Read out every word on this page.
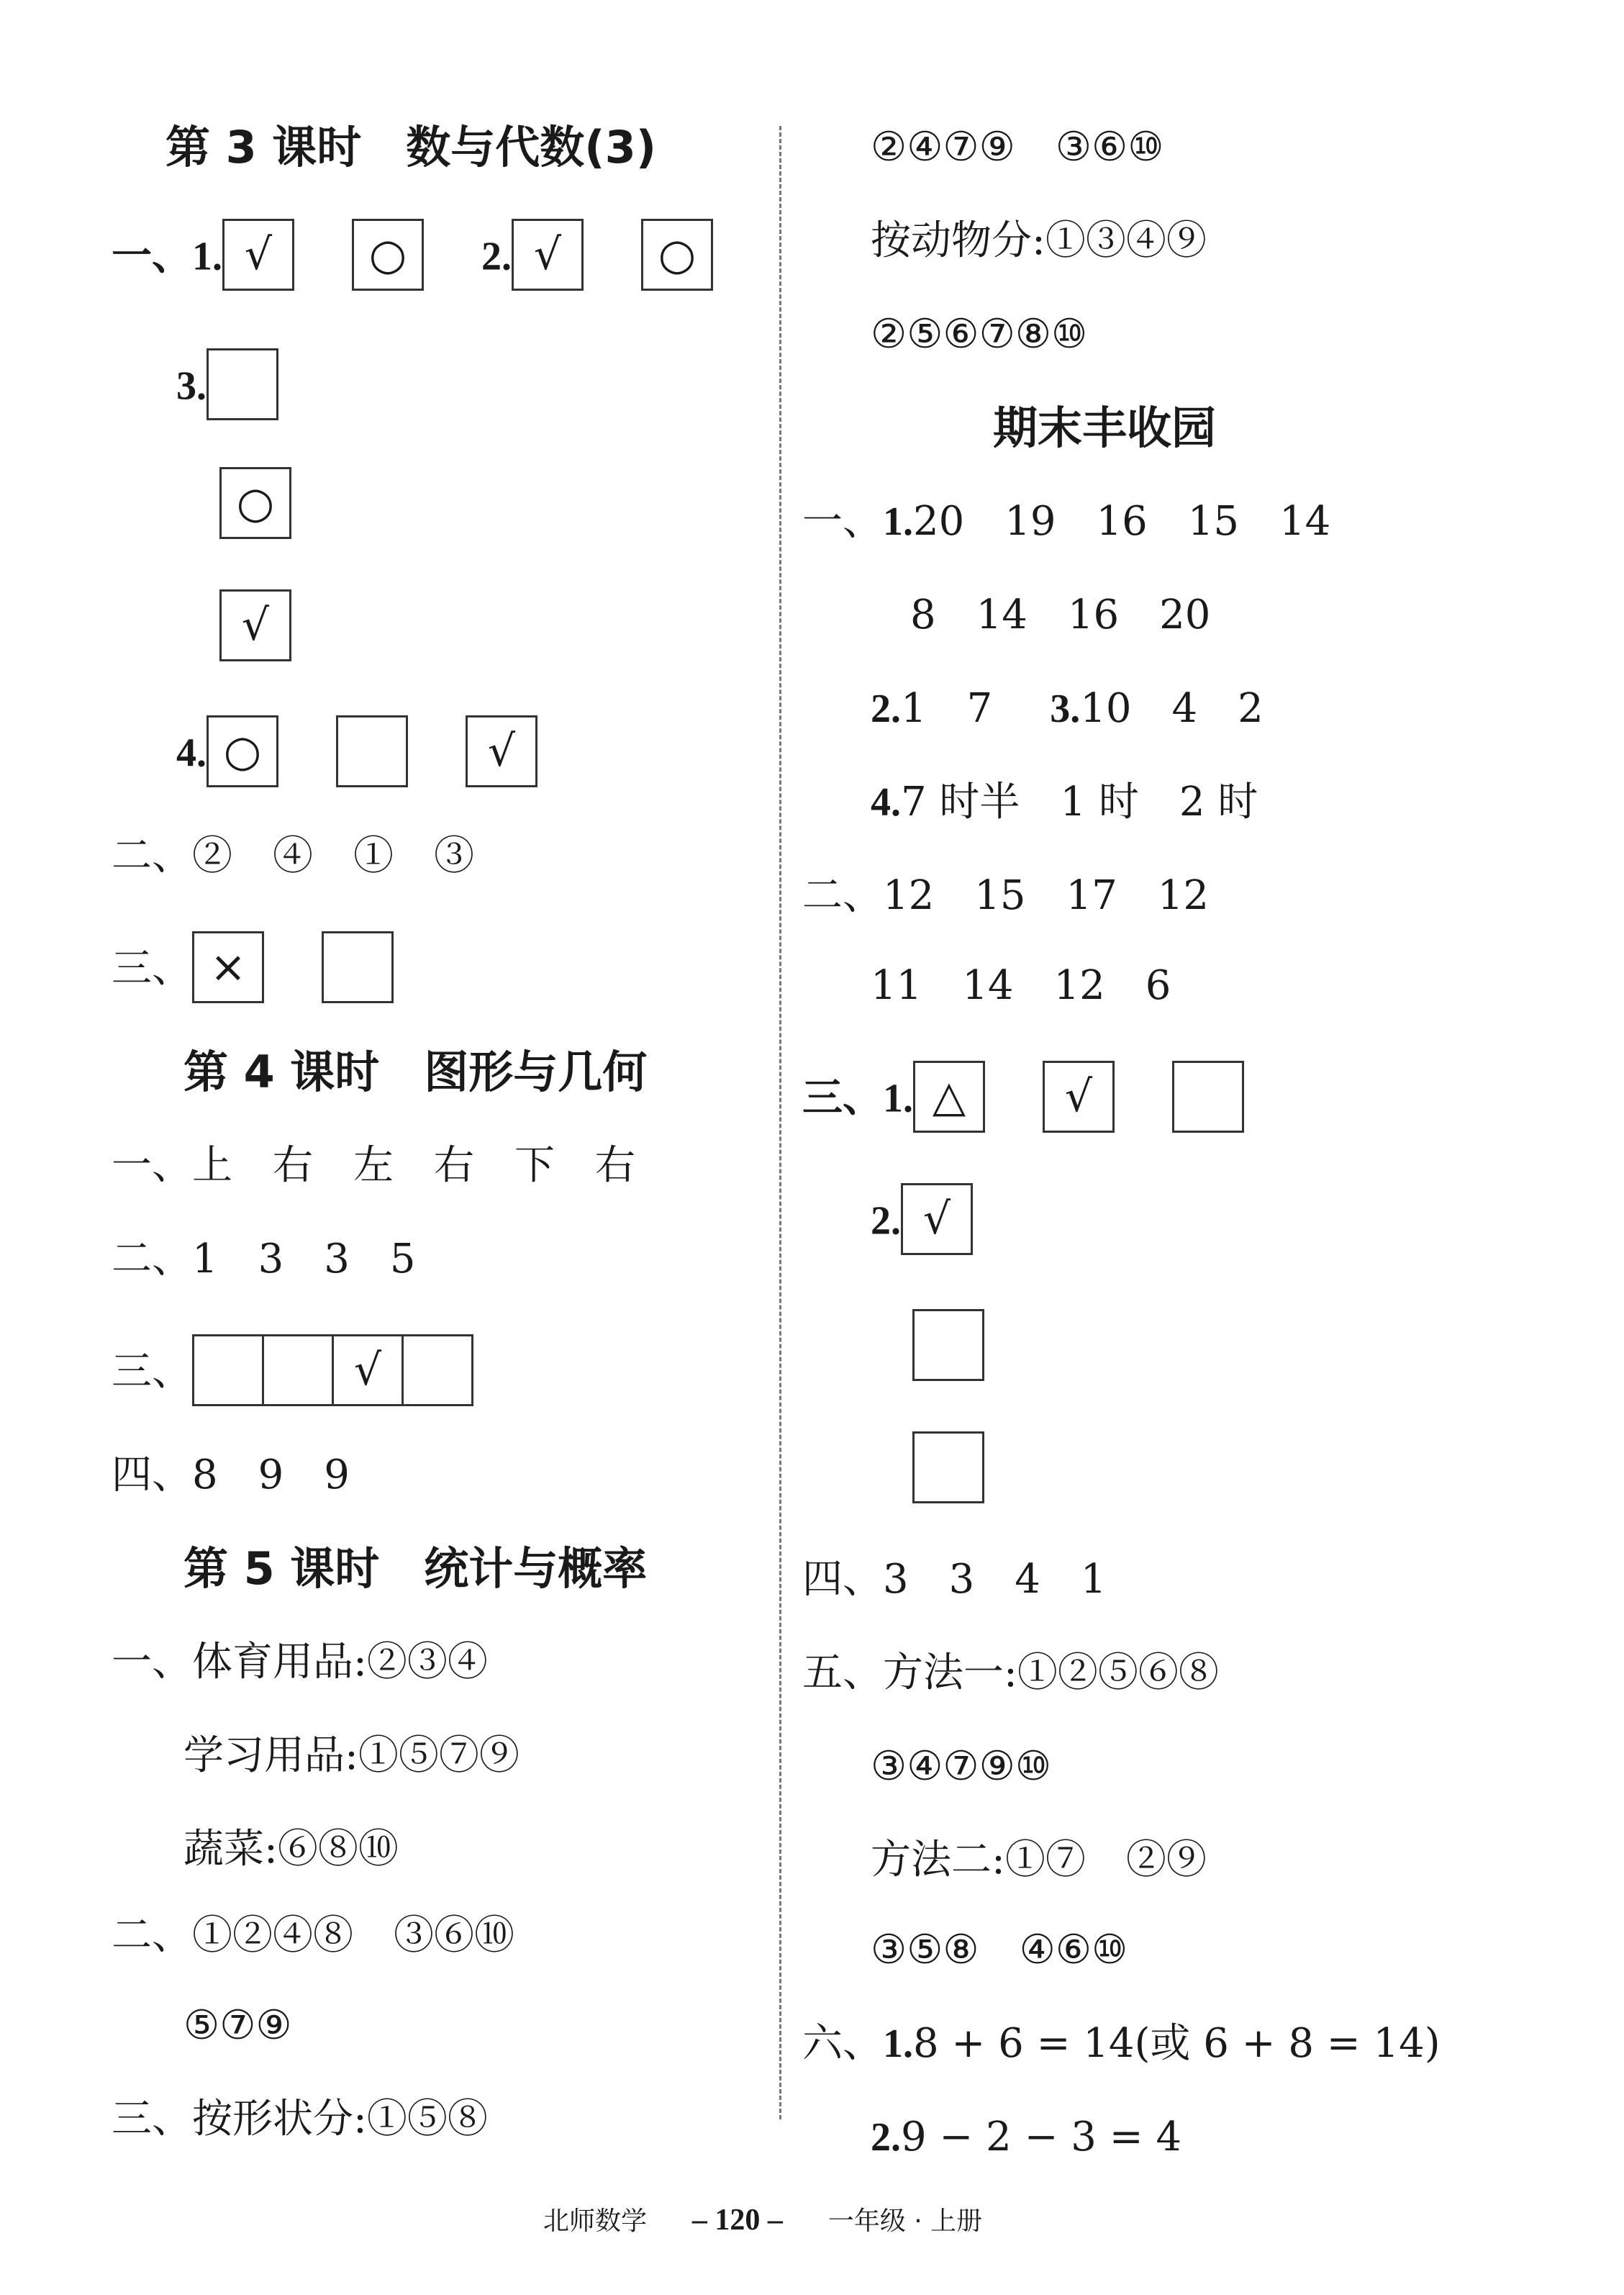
第 3 课时　数与代数(3)
一、1. √ ○ 2. √ ○
3.
○
√
4. ○	√
二、②　④　①　③
三、 ×
第 4 课时　图形与几何
一、上　右　左　右　下　右
二、1　3　3　5
三、	√
四、8　9　9
第 5 课时　统计与概率
一、体育用品:②③④
学习用品:①⑤⑦⑨
蔬菜:⑥⑧⑩
二、①②④⑧　③⑥⑩
⑤⑦⑨
三、按形状分:①⑤⑧
②④⑦⑨　③⑥⑩
按动物分:①③④⑨
②⑤⑥⑦⑧⑩
期末丰收园
一、1.20　19　16　15　14
8　14　16　20
2.1　7 3.10　4　2
4.7 时半　1 时　2 时
二、12　15　17　12
11　14　12　6
三、1. △ √
2. √
四、3　3　4　1
五、方法一:①②⑤⑥⑧
③④⑦⑨⑩
方法二:①⑦　②⑨
③⑤⑧　④⑥⑩
六、1.8 + 6 = 14(或 6 + 8 = 14)
2.9 − 2 − 3 = 4
北师数学 – 120 – 一年级 · 上册
